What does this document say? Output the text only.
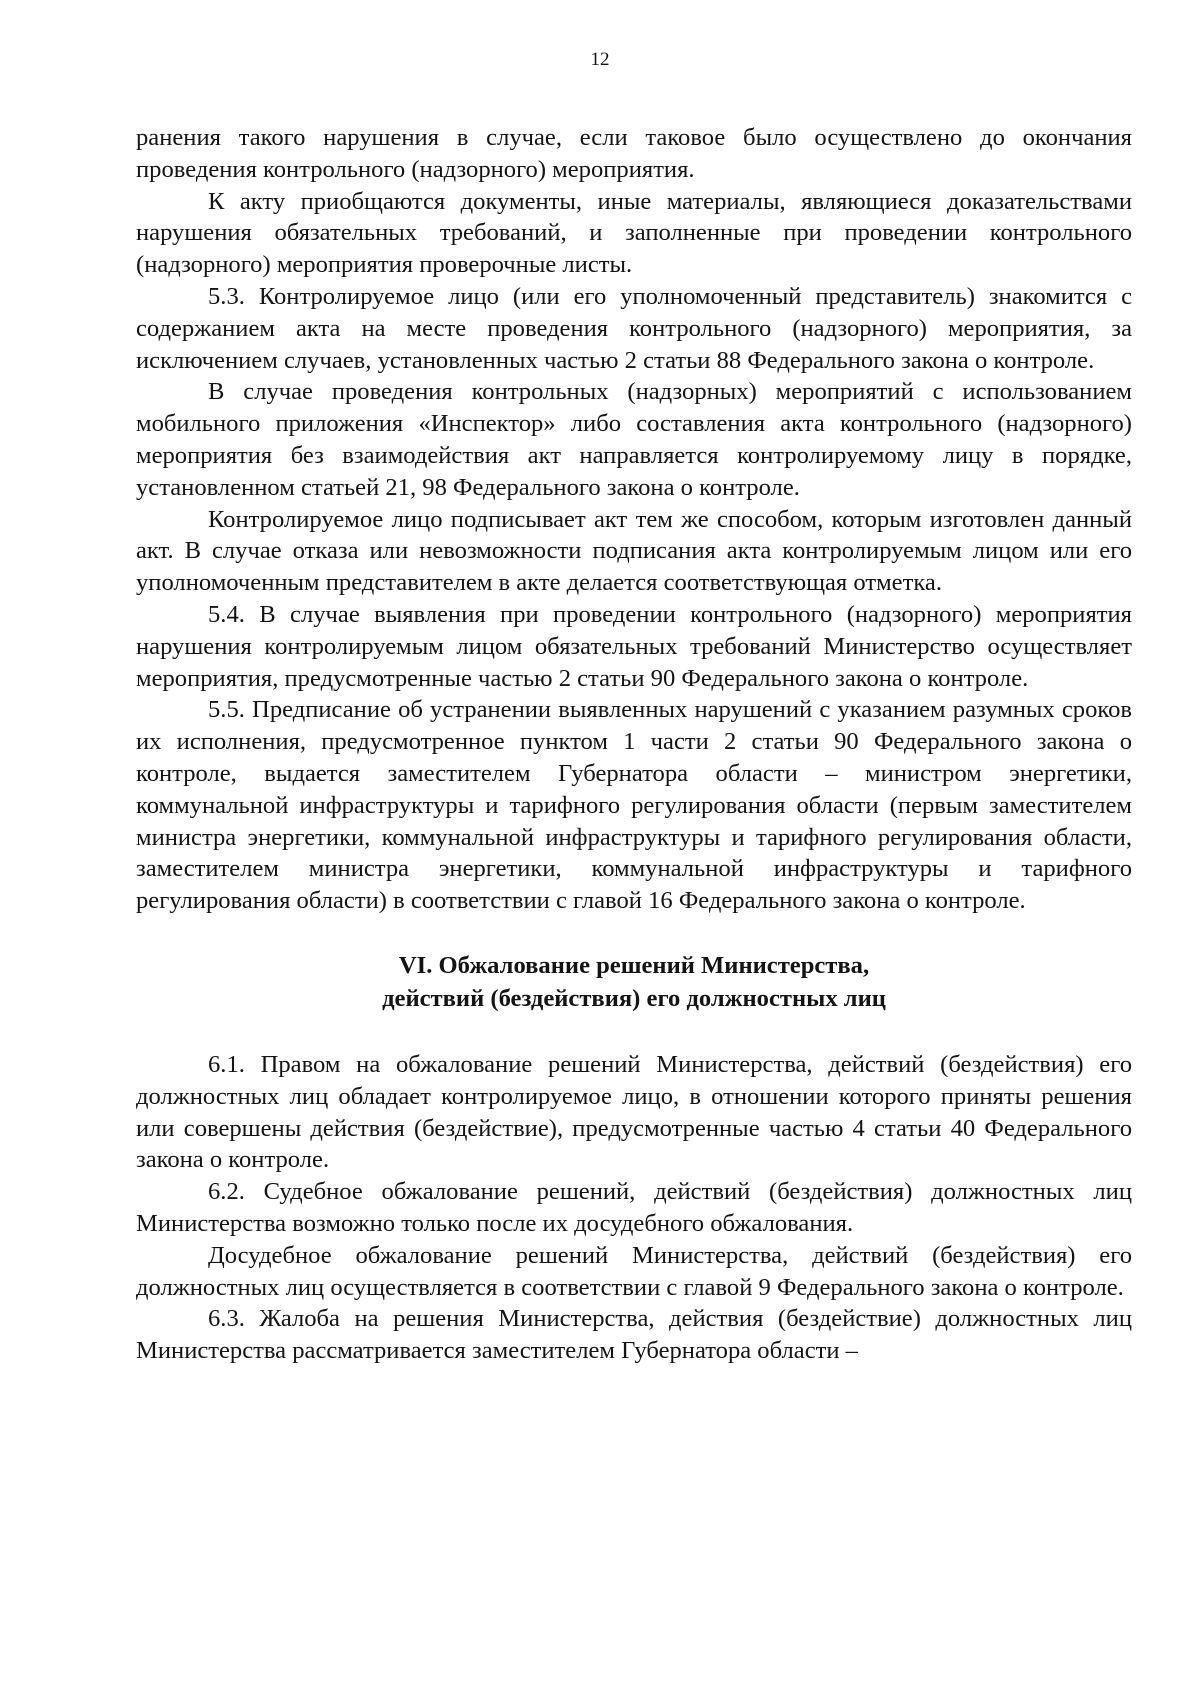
12

ранения такого нарушения в случае, если таковое было осуществлено до окончания проведения контрольного (надзорного) мероприятия.

К акту приобщаются документы, иные материалы, являющиеся доказательствами нарушения обязательных требований, и заполненные при проведении контрольного (надзорного) мероприятия проверочные листы.

5.3. Контролируемое лицо (или его уполномоченный представитель) знакомится с содержанием акта на месте проведения контрольного (надзорного) мероприятия, за исключением случаев, установленных частью 2 статьи 88 Федерального закона о контроле.

В случае проведения контрольных (надзорных) мероприятий с использованием мобильного приложения «Инспектор» либо составления акта контрольного (надзорного) мероприятия без взаимодействия акт направляется контролируемому лицу в порядке, установленном статьей 21, 98 Федерального закона о контроле.

Контролируемое лицо подписывает акт тем же способом, которым изготовлен данный акт. В случае отказа или невозможности подписания акта контролируемым лицом или его уполномоченным представителем в акте делается соответствующая отметка.

5.4. В случае выявления при проведении контрольного (надзорного) мероприятия нарушения контролируемым лицом обязательных требований Министерство осуществляет мероприятия, предусмотренные частью 2 статьи 90 Федерального закона о контроле.

5.5. Предписание об устранении выявленных нарушений с указанием разумных сроков их исполнения, предусмотренное пунктом 1 части 2 статьи 90 Федерального закона о контроле, выдается заместителем Губернатора области – министром энергетики, коммунальной инфраструктуры и тарифного регулирования области (первым заместителем министра энергетики, коммунальной инфраструктуры и тарифного регулирования области, заместителем министра энергетики, коммунальной инфраструктуры и тарифного регулирования области) в соответствии с главой 16 Федерального закона о контроле.

VI. Обжалование решений Министерства,
действий (бездействия) его должностных лиц

6.1. Правом на обжалование решений Министерства, действий (бездействия) его должностных лиц обладает контролируемое лицо, в отношении которого приняты решения или совершены действия (бездействие), предусмотренные частью 4 статьи 40 Федерального закона о контроле.

6.2. Судебное обжалование решений, действий (бездействия) должностных лиц Министерства возможно только после их досудебного обжалования.

Досудебное обжалование решений Министерства, действий (бездействия) его должностных лиц осуществляется в соответствии с главой 9 Федерального закона о контроле.

6.3. Жалоба на решения Министерства, действия (бездействие) должностных лиц Министерства рассматривается заместителем Губернатора области –
